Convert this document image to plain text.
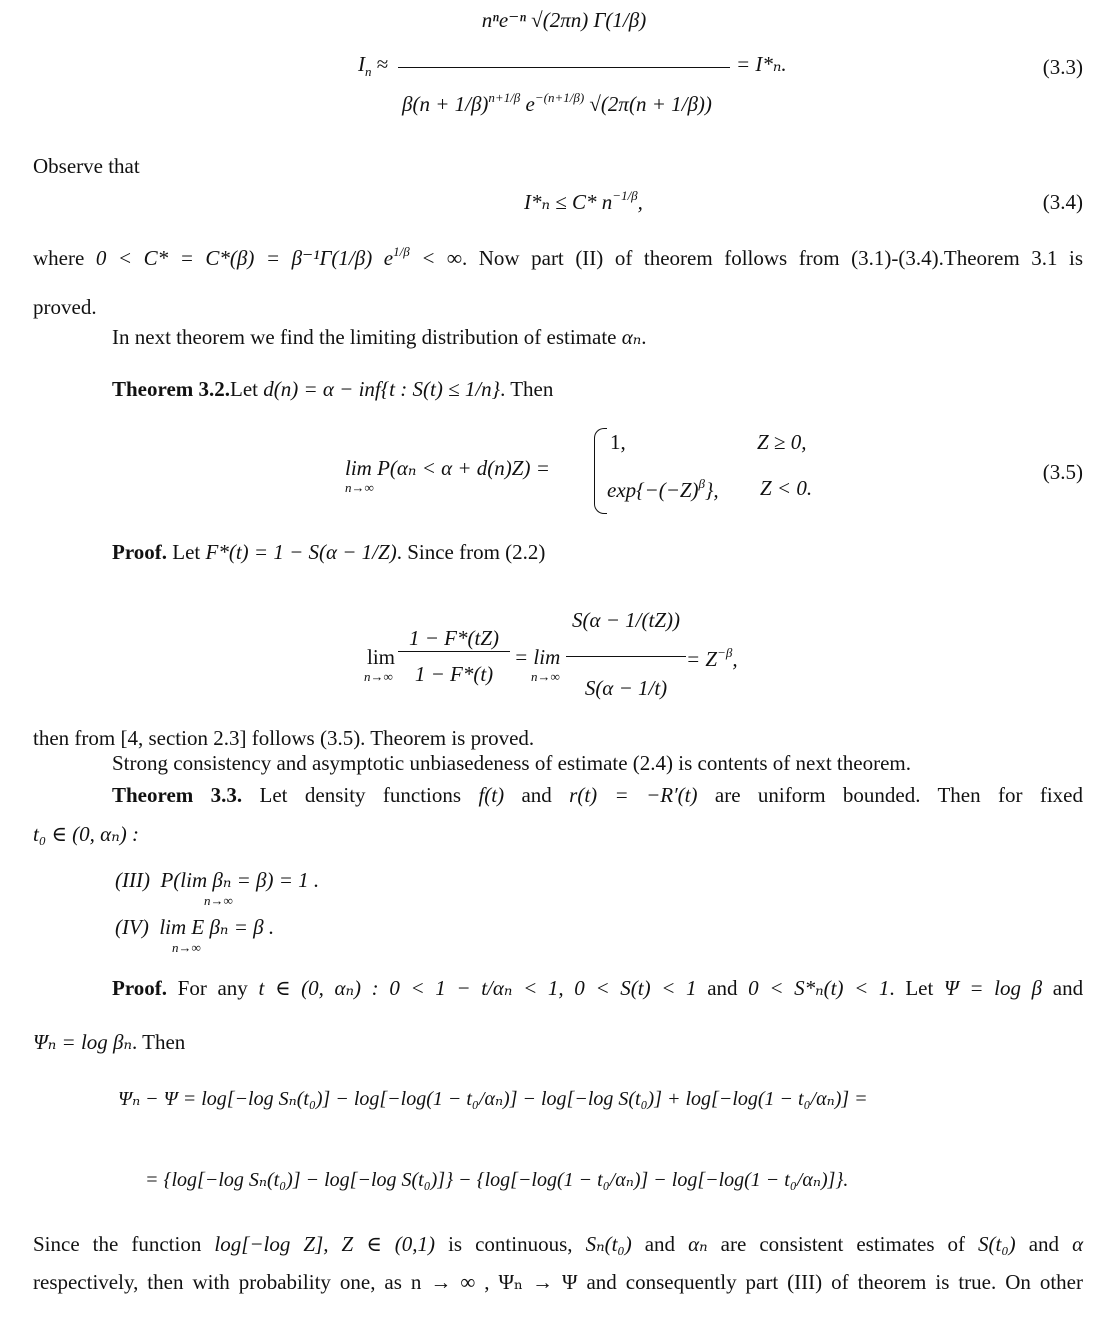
$I_n$ ≈
nⁿe⁻ⁿ √(2πn) Γ(1/β)
$\beta(n + 1/\beta)^{n+1/\beta}$ $e^{-(n+1/\beta)}$ √(2π(n + 1/β))
= I*ₙ.	(3.3)
Observe that
I*ₙ ≤ C* $n^{-1/\beta}$,	(3.4)
where 0 < C* = C*(β) = β⁻¹Γ(1/β) $e^{1/\beta}$ < ∞. Now part (II) of theorem follows from (3.1)-(3.4).Theorem 3.1 is
proved.
In next theorem we find the limiting distribution of estimate αₙ.
Theorem 3.2.Let d(n) = α − inf{t : S(t) ≤ 1/n}. Then
lim P(αₙ < α + d(n)Z) =
n→∞
1,	Z ≥ 0,
$\exp\{-(-Z)^\beta\}$, Z < 0.
(3.5)
Proof. Let F*(t) = 1 − S(α − 1/Z). Since from (2.2)
lim
n→∞
1 − F*(tZ)
1 − F*(t)
= lim
n→∞
S(α − 1/(tZ))
S(α − 1/t)
= $Z^{-\beta}$,
then from [4, section 2.3] follows (3.5). Theorem is proved.
Strong consistency and asymptotic unbiasedeness of estimate (2.4) is contents of next theorem.
Theorem 3.3. Let density functions f(t) and r(t) = −R′(t) are uniform bounded. Then for fixed
t₀ ∈ (0, αₙ) :
(III) P(lim βₙ = β) = 1 .
n→∞
(IV) lim E βₙ = β .
n→∞
Proof. For any t ∈ (0, αₙ) : 0 < 1 − t/αₙ < 1, 0 < S(t) < 1 and 0 < S*ₙ(t) < 1. Let Ψ = log β and
Ψₙ = log βₙ. Then
Ψₙ − Ψ = log[−log Sₙ(t₀)] − log[−log(1 − t₀/αₙ)] − log[−log S(t₀)] + log[−log(1 − t₀/αₙ)] =
= {log[−log Sₙ(t₀)] − log[−log S(t₀)]} − {log[−log(1 − t₀/αₙ)] − log[−log(1 − t₀/αₙ)]}.
Since the function log[−log Z], Z ∈ (0,1) is continuous, Sₙ(t₀) and αₙ are consistent estimates of S(t₀) and α
respectively, then with probability one, as n → ∞ , Ψₙ → Ψ and consequently part (III) of theorem is true. On other
